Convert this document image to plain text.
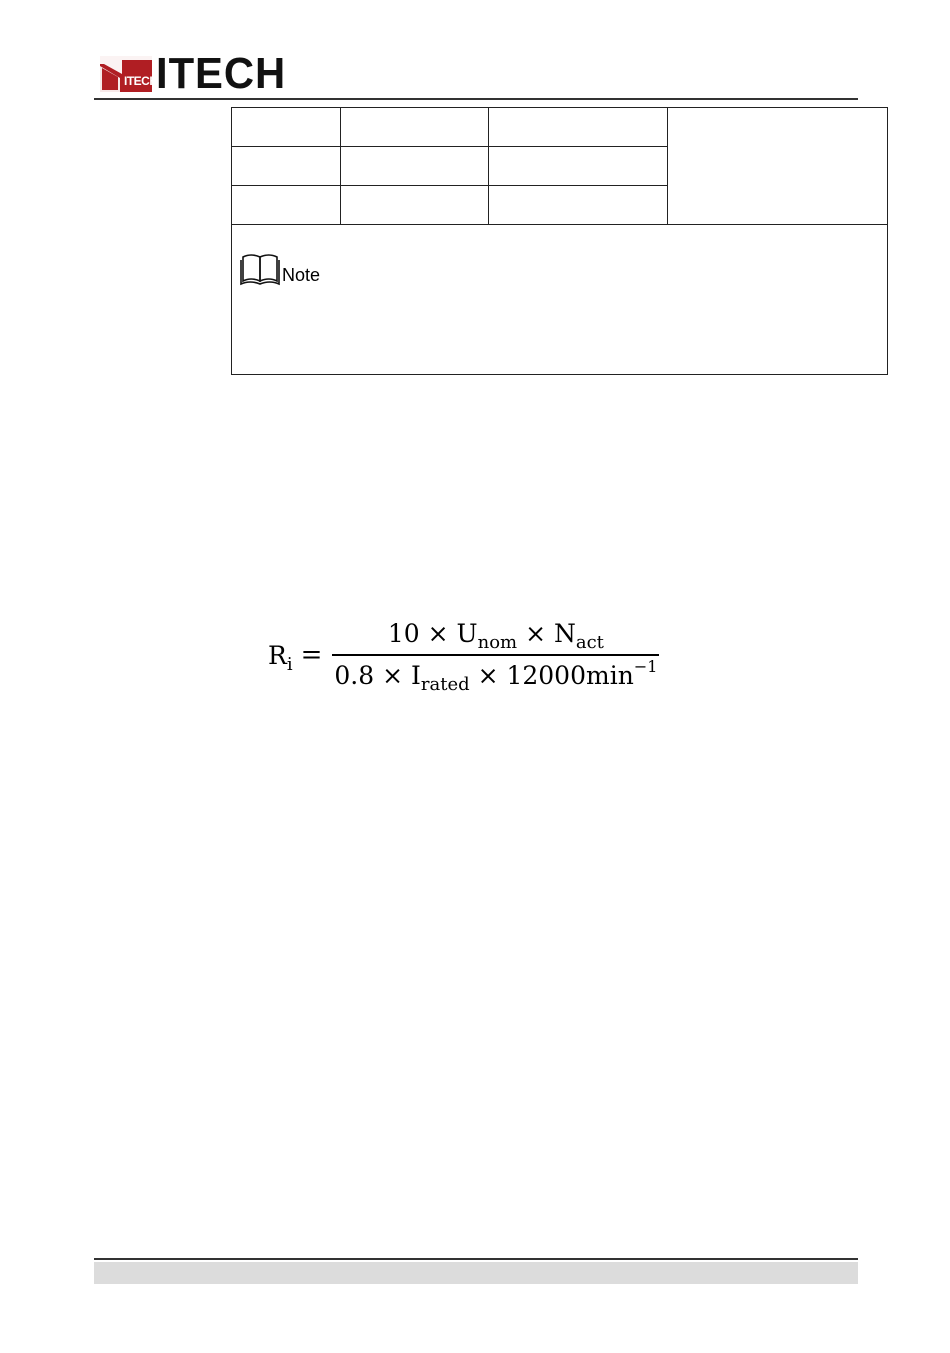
ITECH
ITECH

Note			
$R_i = \frac{10 \times U_{nom} \times N_{act}}{0.8 \times I_{rated} \times 12000\min^{-1}}$
